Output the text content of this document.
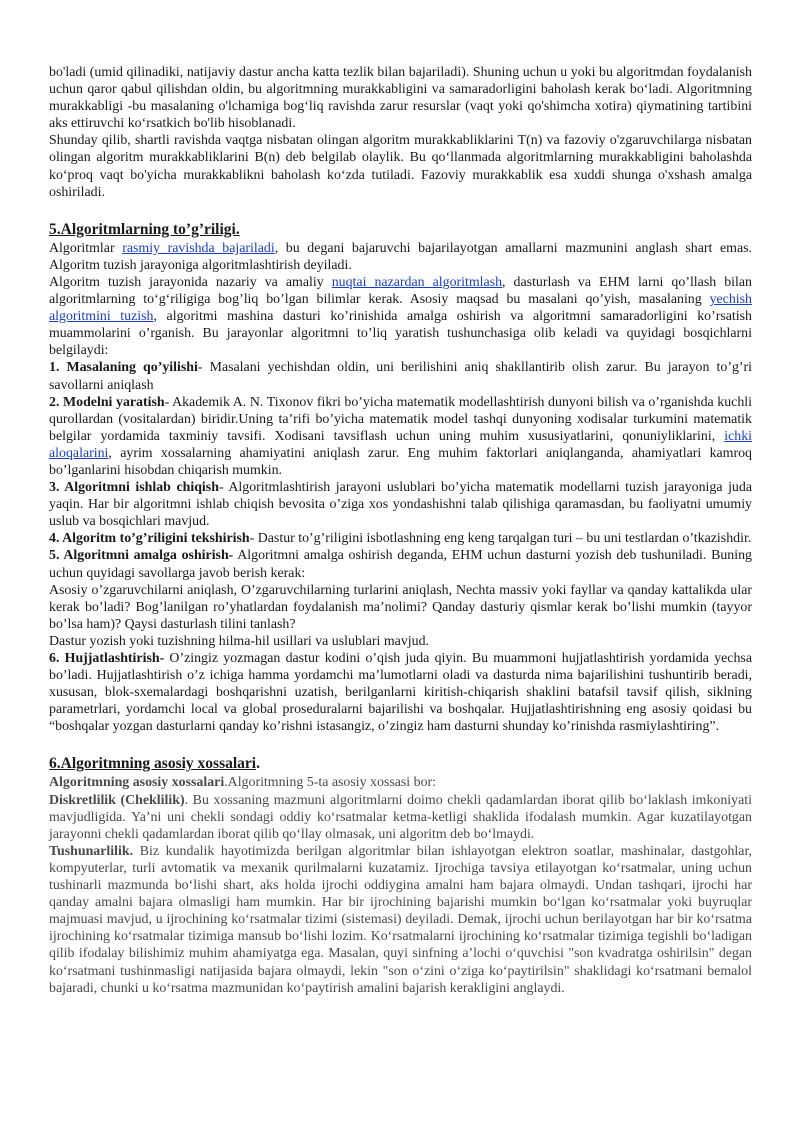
bo'ladi (umid qilinadiki, natijaviy dastur ancha katta tezlik bilan bajariladi). Shuning uchun u yoki bu algoritmdan foydalanish uchun qaror qabul qilishdan oldin, bu algoritmning murakkabligini va samaradorligini baholash kerak bo‘ladi. Algoritmning murakkabligi -bu masalaning o'lchamiga bog‘liq ravishda zarur resurslar (vaqt yoki qo'shimcha xotira) qiymatining tartibini aks ettiruvchi ko‘rsatkich bo'lib hisoblanadi.

Shunday qilib, shartli ravishda vaqtga nisbatan olingan algoritm murakkabliklarini T(n) va fazoviy o'zgaruvchilarga nisbatan olingan algoritm murakkabliklarini B(n) deb belgilab olaylik. Bu qo‘llanmada algoritmlarning murakkabligini baholashda ko‘proq vaqt bo'yicha murakkablikni baholash ko‘zda tutiladi. Fazoviy murakkablik esa xuddi shunga o'xshash amalga oshiriladi.

5.Algoritmlarning to’g’riligi.

Algoritmlar rasmiy ravishda bajariladi, bu degani bajaruvchi bajarilayotgan amallarni mazmunini anglash shart emas. Algoritm tuzish jarayoniga algoritmlashtirish deyiladi.

Algoritm tuzish jarayonida nazariy va amaliy nuqtai nazardan algoritmlash, dasturlash va EHM larni qo’llash bilan algoritmlarning to‘g‘riligiga bog’liq bo’lgan bilimlar kerak. Asosiy maqsad bu masalani qo’yish, masalaning yechish algoritmini tuzish, algoritmi mashina dasturi ko’rinishida amalga oshirish va algoritmni samaradorligini ko’rsatish muammolarini o’rganish. Bu jarayonlar algoritmni to’liq yaratish tushunchasiga olib keladi va quyidagi bosqichlarni belgilaydi:

1. Masalaning qo’yilishi- Masalani yechishdan oldin, uni berilishini aniq shakllantirib olish zarur. Bu jarayon to’g’ri savollarni aniqlash

2. Modelni yaratish- Akademik A. N. Tixonov fikri bo’yicha matematik modellashtirish dunyoni bilish va o’rganishda kuchli qurollardan (vositalardan) biridir.Uning ta’rifi bo’yicha matematik model tashqi dunyoning xodisalar turkumini matematik belgilar yordamida taxminiy tavsifi. Xodisani tavsiflash uchun uning muhim xususiyatlarini, qonuniyliklarini, ichki aloqalarini, ayrim xossalarning ahamiyatini aniqlash zarur. Eng muhim faktorlari aniqlanganda, ahamiyatlari kamroq bo’lganlarini hisobdan chiqarish mumkin.

3. Algoritmni ishlab chiqish- Algoritmlashtirish jarayoni uslublari bo’yicha matematik modellarni tuzish jarayoniga juda yaqin. Har bir algoritmni ishlab chiqish bevosita o’ziga xos yondashishni talab qilishiga qaramasdan, bu faoliyatni umumiy uslub va bosqichlari mavjud.

4. Algoritm to’g’riligini tekshirish- Dastur to’g’riligini isbotlashning eng keng tarqalgan turi – bu uni testlardan o’tkazishdir.

5. Algoritmni amalga oshirish- Algoritmni amalga oshirish deganda, EHM uchun dasturni yozish deb tushuniladi. Buning uchun quyidagi savollarga javob berish kerak:

Asosiy o’zgaruvchilarni aniqlash, O’zgaruvchilarning turlarini aniqlash, Nechta massiv yoki fayllar va qanday kattalikda ular kerak bo’ladi? Bog’lanilgan ro’yhatlardan foydalanish ma’nolimi? Qanday dasturiy qismlar kerak bo’lishi mumkin (tayyor bo’lsa ham)? Qaysi dasturlash tilini tanlash?

Dastur yozish yoki tuzishning hilma-hil usillari va uslublari mavjud.

6. Hujjatlashtirish- O’zingiz yozmagan dastur kodini o’qish juda qiyin. Bu muammoni hujjatlashtirish yordamida yechsa bo’ladi. Hujjatlashtirish o’z ichiga hamma yordamchi ma’lumotlarni oladi va dasturda nima bajarilishini tushuntirib beradi, xususan, blok-sxemalardagi boshqarishni uzatish, berilganlarni kiritish-chiqarish shaklini batafsil tavsif qilish, siklning parametrlari, yordamchi local va global proseduralarni bajarilishi va boshqalar. Hujjatlashtirishning eng asosiy qoidasi bu “boshqalar yozgan dasturlarni qanday ko’rishni istasangiz, o’zingiz ham dasturni shunday ko’rinishda rasmiylashtiring”.

6.Algoritmning asosiy xossalari.

Algoritmning asosiy xossalari.Algoritmning 5-ta asosiy xossasi bor:

Diskretlilik (Cheklilik). Bu xossaning mazmuni algoritmlarni doimo chekli qadamlardan iborat qilib bo‘laklash imkoniyati mavjudligida. Ya’ni uni chekli sondagi oddiy ko‘rsatmalar ketma-ketligi shaklida ifodalash mumkin. Agar kuzatilayotgan jarayonni chekli qadamlardan iborat qilib qo‘llay olmasak, uni algoritm deb bo‘lmaydi.

Tushunarlilik. Biz kundalik hayotimizda berilgan algoritmlar bilan ishlayotgan elektron soatlar, mashinalar, dastgohlar, kompyuterlar, turli avtomatik va mexanik qurilmalarni kuzatamiz. Ijrochiga tavsiya etilayotgan ko‘rsatmalar, uning uchun tushinarli mazmunda bo‘lishi shart, aks holda ijrochi oddiygina amalni ham bajara olmaydi. Undan tashqari, ijrochi har qanday amalni bajara olmasligi ham mumkin. Har bir ijrochining bajarishi mumkin bo‘lgan ko‘rsatmalar yoki buyruqlar majmuasi mavjud, u ijrochining ko‘rsatmalar tizimi (sistemasi) deyiladi. Demak, ijrochi uchun berilayotgan har bir ko‘rsatma ijrochining ko‘rsatmalar tizimiga mansub bo‘lishi lozim. Ko‘rsatmalarni ijrochining ko‘rsatmalar tizimiga tegishli bo‘ladigan qilib ifodalay bilishimiz muhim ahamiyatga ega. Masalan, quyi sinfning a’lochi o‘quvchisi "son kvadratga oshirilsin" degan ko‘rsatmani tushinmasligi natijasida bajara olmaydi, lekin "son o‘zini o‘ziga ko‘paytirilsin" shaklidagi ko‘rsatmani bemalol bajaradi, chunki u ko‘rsatma mazmunidan ko‘paytirish amalini bajarish kerakligini anglaydi.
